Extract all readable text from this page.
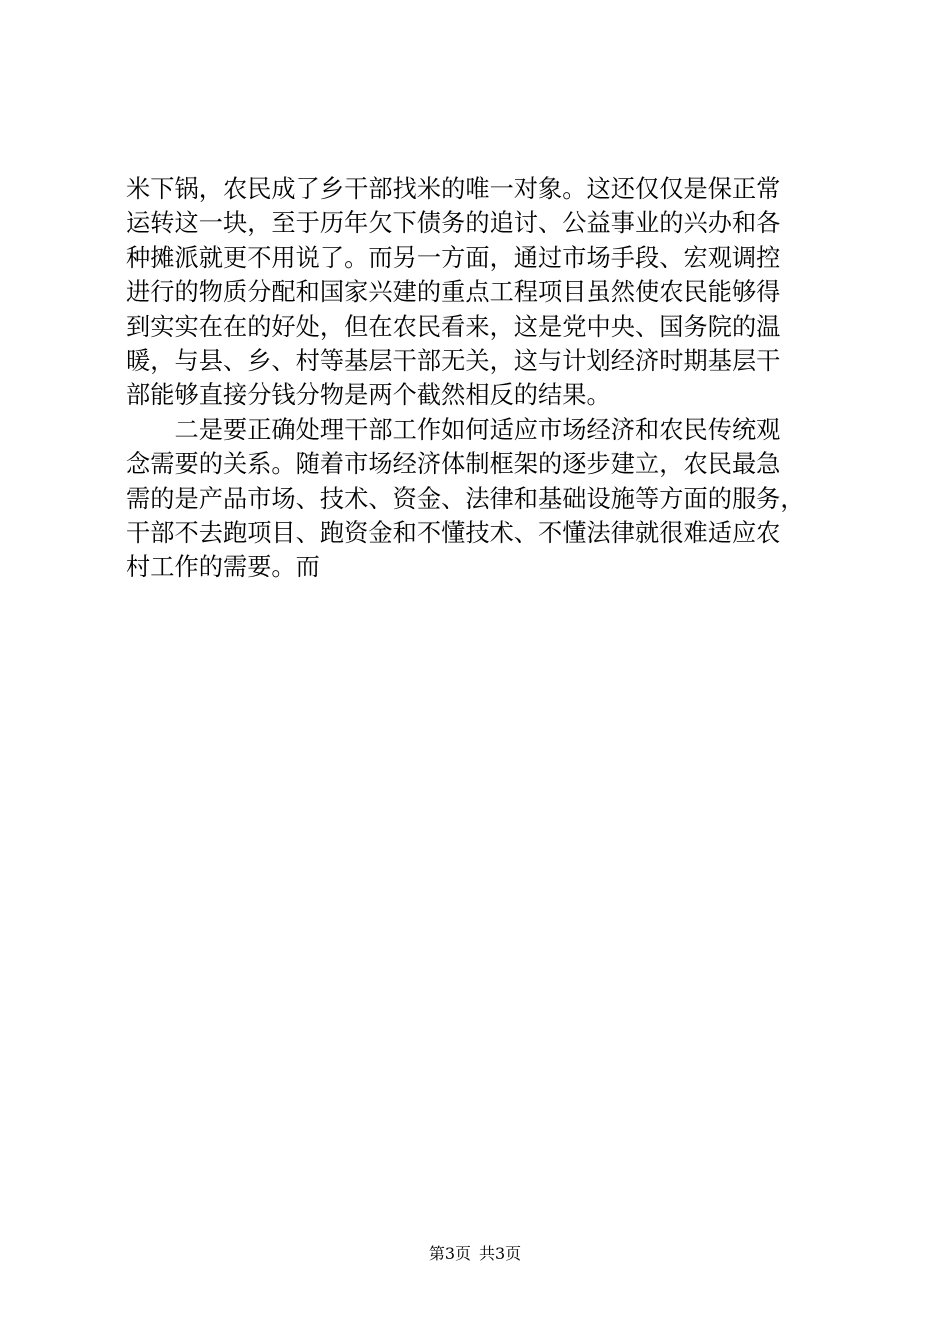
米下锅，农民成了乡干部找米的唯一对象。这还仅仅是保正常
运转这一块，至于历年欠下债务的追讨、公益事业的兴办和各
种摊派就更不用说了。而另一方面，通过市场手段、宏观调控
进行的物质分配和国家兴建的重点工程项目虽然使农民能够得
到实实在在的好处，但在农民看来，这是党中央、国务院的温
暖，与县、乡、村等基层干部无关，这与计划经济时期基层干
部能够直接分钱分物是两个截然相反的结果。
　　二是要正确处理干部工作如何适应市场经济和农民传统观
念需要的关系。随着市场经济体制框架的逐步建立，农民最急
需的是产品市场、技术、资金、法律和基础设施等方面的服务，
干部不去跑项目、跑资金和不懂技术、不懂法律就很难适应农
村工作的需要。而
第3页 共3页
